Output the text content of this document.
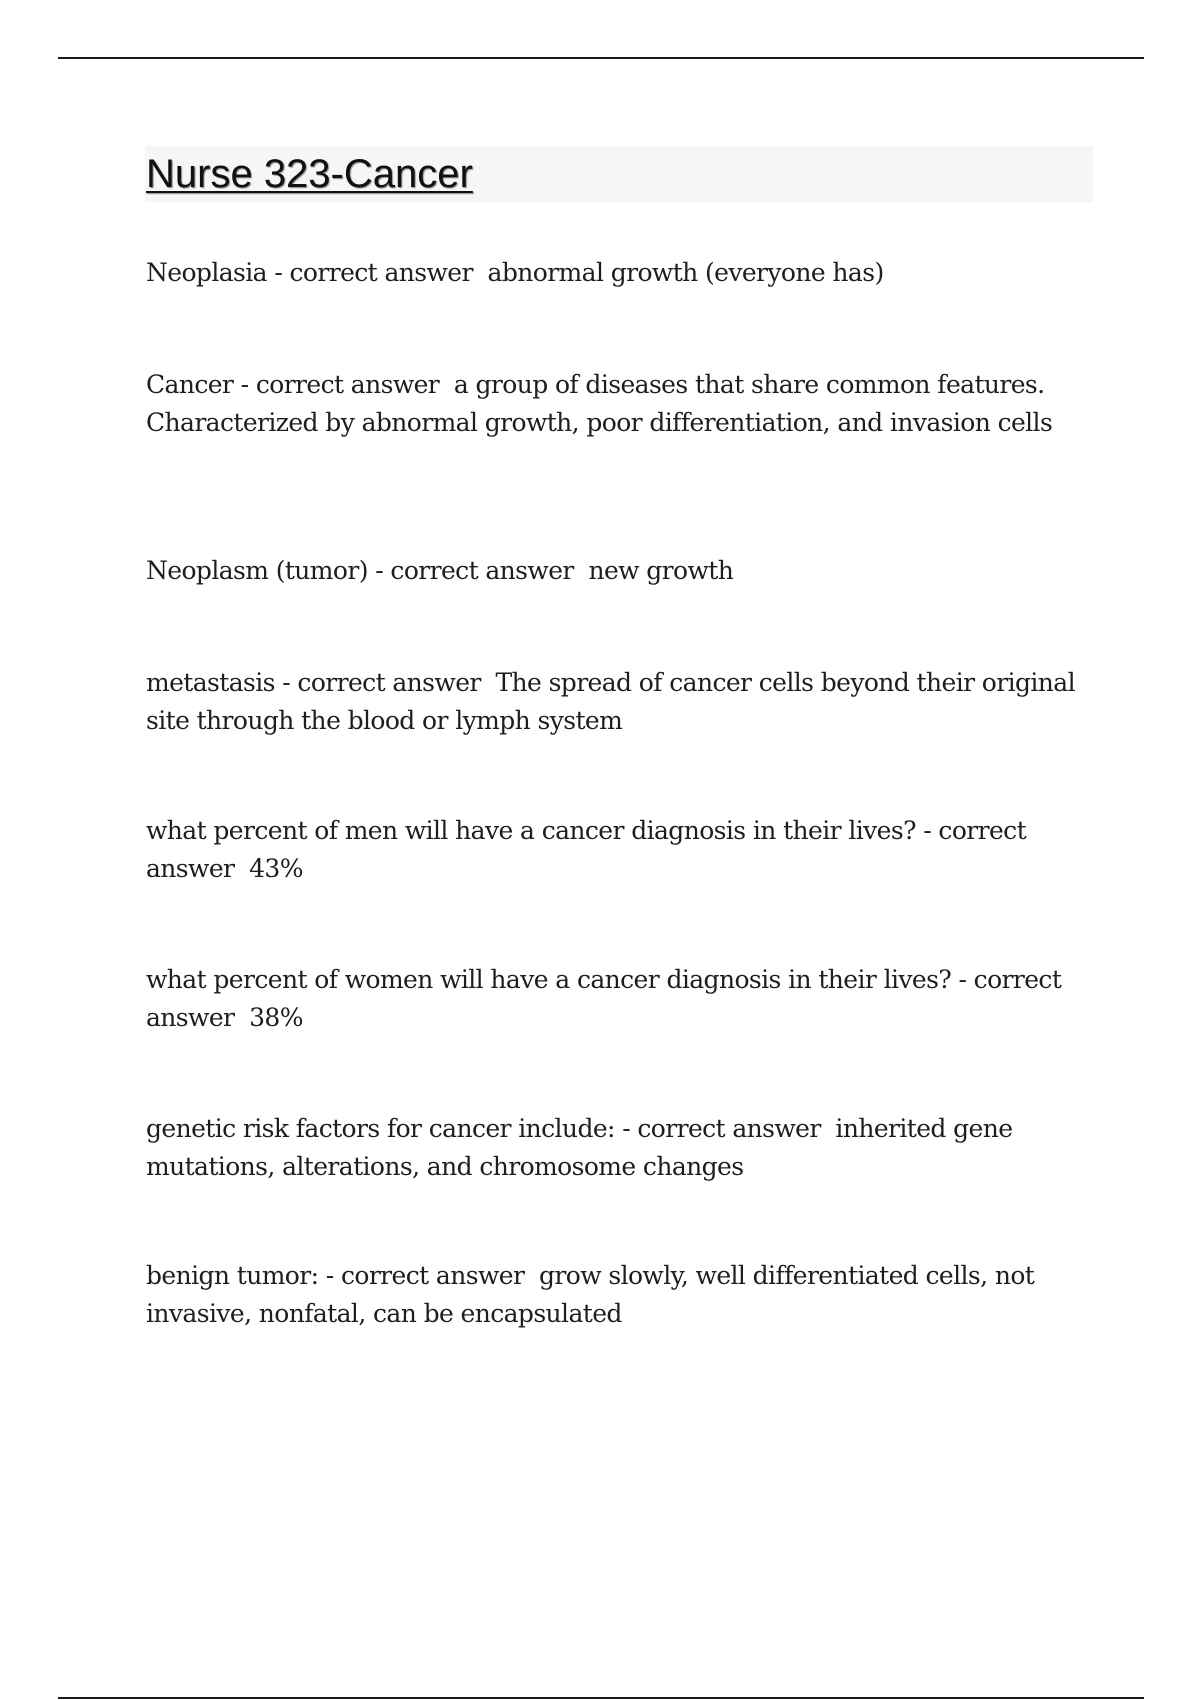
Nurse 323-Cancer

Neoplasia - correct answer  abnormal growth (everyone has)

Cancer - correct answer  a group of diseases that share common features. Characterized by abnormal growth, poor differentiation, and invasion cells

Neoplasm (tumor) - correct answer  new growth

metastasis - correct answer  The spread of cancer cells beyond their original site through the blood or lymph system

what percent of men will have a cancer diagnosis in their lives? - correct answer  43%

what percent of women will have a cancer diagnosis in their lives? - correct answer  38%

genetic risk factors for cancer include: - correct answer  inherited gene mutations, alterations, and chromosome changes

benign tumor: - correct answer  grow slowly, well differentiated cells, not invasive, nonfatal, can be encapsulated
